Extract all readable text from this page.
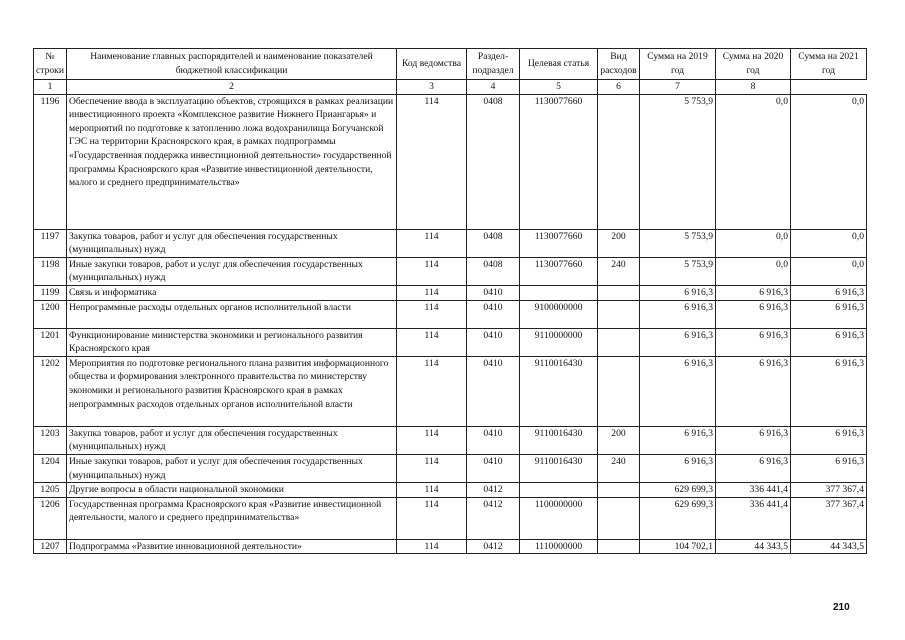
№ строки	Наименование главных распорядителей и наименование показателей бюджетной классификации	Код ведомства	Раздел-подраздел	Целевая статья	Вид расходов	Сумма на 2019 год	Сумма на 2020 год	Сумма на 2021 год
1	2	3	4	5	6	7	8	
1196	Обеспечение ввода в эксплуатацию объектов, строящихся в рамках реализации инвестиционного проекта «Комплексное развитие Нижнего Приангарья» и мероприятий по подготовке к затоплению ложа водохранилища Богучанской ГЭС на территории Красноярского края, в рамках подпрограммы «Государственная поддержка инвестиционной деятельности» государственной программы Красноярского края «Развитие инвестиционной деятельности, малого и среднего предпринимательства»	114	0408	1130077660		5 753,9	0,0	0,0
1197	Закупка товаров, работ и услуг для обеспечения государственных (муниципальных) нужд	114	0408	1130077660	200	5 753,9	0,0	0,0
1198	Иные закупки товаров, работ и услуг для обеспечения государственных (муниципальных) нужд	114	0408	1130077660	240	5 753,9	0,0	0,0
1199	Связь и информатика	114	0410			6 916,3	6 916,3	6 916,3
1200	Непрограммные расходы отдельных органов исполнительной власти	114	0410	9100000000		6 916,3	6 916,3	6 916,3
1201	Функционирование министерства экономики и регионального развития Красноярского края	114	0410	9110000000		6 916,3	6 916,3	6 916,3
1202	Мероприятия по подготовке регионального плана развития информационного общества и формирования электронного правительства по министерству экономики и регионального развития Красноярского края в рамках непрограммных расходов отдельных органов исполнительной власти	114	0410	9110016430		6 916,3	6 916,3	6 916,3
1203	Закупка товаров, работ и услуг для обеспечения государственных (муниципальных) нужд	114	0410	9110016430	200	6 916,3	6 916,3	6 916,3
1204	Иные закупки товаров, работ и услуг для обеспечения государственных (муниципальных) нужд	114	0410	9110016430	240	6 916,3	6 916,3	6 916,3
1205	Другие вопросы в области национальной экономики	114	0412			629 699,3	336 441,4	377 367,4
1206	Государственная программа Красноярского края «Развитие инвестиционной деятельности, малого и среднего предпринимательства»	114	0412	1100000000		629 699,3	336 441,4	377 367,4
1207	Подпрограмма «Развитие инновационной деятельности»	114	0412	1110000000		104 702,1	44 343,5	44 343,5
210
